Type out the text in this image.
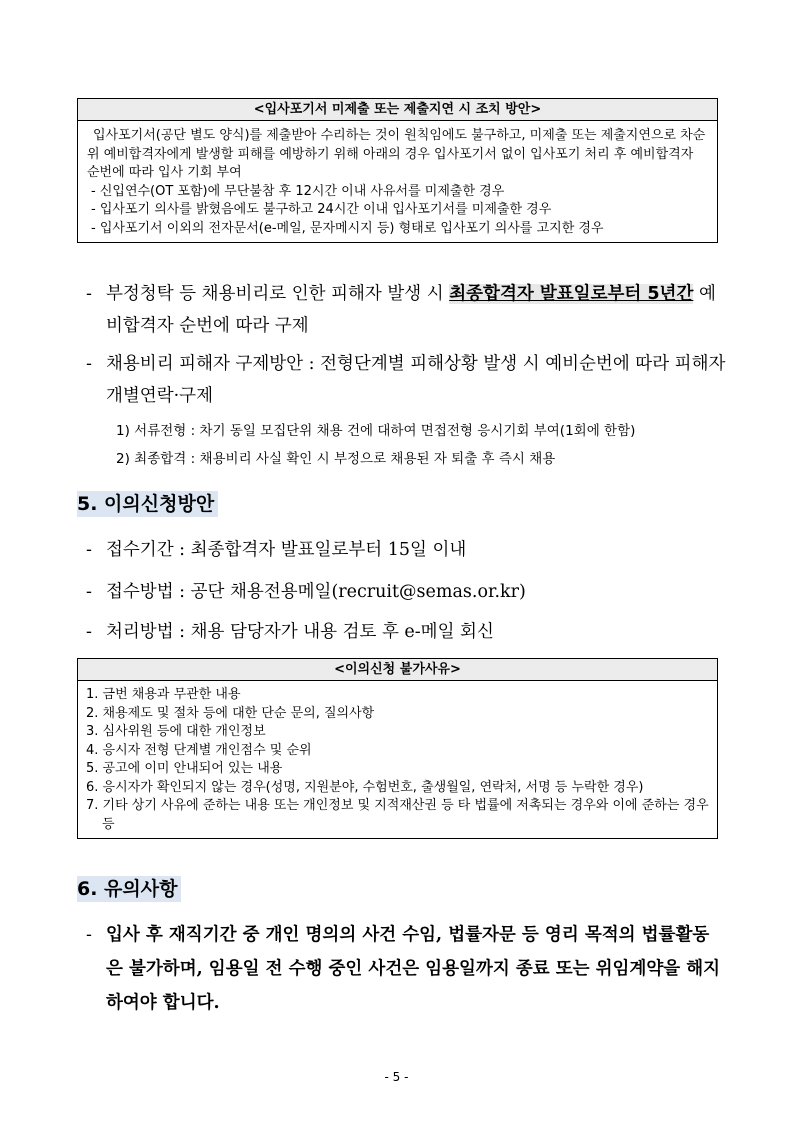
<입사포기서 미제출 또는 제출지연 시 조치 방안>

입사포기서(공단 별도 양식)를 제출받아 수리하는 것이 원칙임에도 불구하고, 미제출 또는 제출지연으로 차순위 예비합격자에게 발생할 피해를 예방하기 위해 아래의 경우 입사포기서 없이 입사포기 처리 후 예비합격자 순번에 따라 입사 기회 부여

- 신입연수(OT 포함)에 무단불참 후 12시간 이내 사유서를 미제출한 경우

- 입사포기 의사를 밝혔음에도 불구하고 24시간 이내 입사포기서를 미제출한 경우

- 입사포기서 이외의 전자문서(e-메일, 문자메시지 등) 형태로 입사포기 의사를 고지한 경우

- 부정청탁 등 채용비리로 인한 피해자 발생 시 최종합격자 발표일로부터 5년간 예비합격자 순번에 따라 구제
- 채용비리 피해자 구제방안 : 전형단계별 피해상황 발생 시 예비순번에 따라 피해자 개별연락·구제
1) 서류전형 : 차기 동일 모집단위 채용 건에 대하여 면접전형 응시기회 부여(1회에 한함)
2) 최종합격 : 채용비리 사실 확인 시 부정으로 채용된 자 퇴출 후 즉시 채용
5. 이의신청방안
- 접수기간 : 최종합격자 발표일로부터 15일 이내
- 접수방법 : 공단 채용전용메일(recruit@semas.or.kr)
- 처리방법 : 채용 담당자가 내용 검토 후 e-메일 회신
<이의신청 불가사유>

1. 금번 채용과 무관한 내용

2. 채용제도 및 절차 등에 대한 단순 문의, 질의사항

3. 심사위원 등에 대한 개인정보

4. 응시자 전형 단계별 개인점수 및 순위

5. 공고에 이미 안내되어 있는 내용

6. 응시자가 확인되지 않는 경우(성명, 지원분야, 수험번호, 출생월일, 연락처, 서명 등 누락한 경우)

7. 기타 상기 사유에 준하는 내용 또는 개인정보 및 지적재산권 등 타 법률에 저촉되는 경우와 이에 준하는 경우 등

6. 유의사항
- 입사 후 재직기간 중 개인 명의의 사건 수임, 법률자문 등 영리 목적의 법률활동은 불가하며, 임용일 전 수행 중인 사건은 임용일까지 종료 또는 위임계약을 해지하여야 합니다.
- 5 -
